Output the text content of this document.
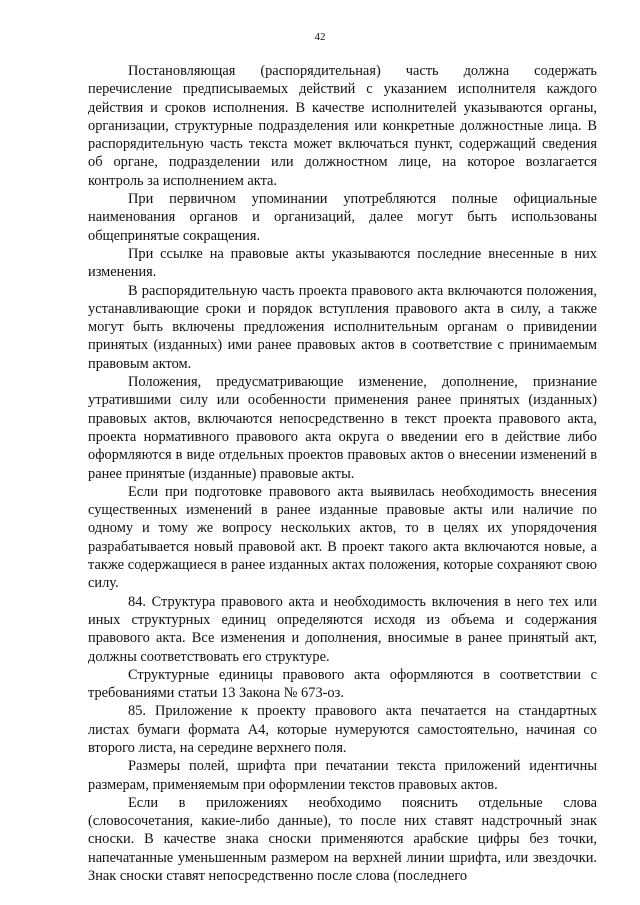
42

Постановляющая (распорядительная) часть должна содержать перечисление предписываемых действий с указанием исполнителя каждого действия и сроков исполнения. В качестве исполнителей указываются органы, организации, структурные подразделения или конкретные должностные лица. В распорядительную часть текста может включаться пункт, содержащий сведения об органе, подразделении или должностном лице, на которое возлагается контроль за исполнением акта.

При первичном упоминании употребляются полные официальные наименования органов и организаций, далее могут быть использованы общепринятые сокращения.

При ссылке на правовые акты указываются последние внесенные в них изменения.

В распорядительную часть проекта правового акта включаются положения, устанавливающие сроки и порядок вступления правового акта в силу, а также могут быть включены предложения исполнительным органам о привидении принятых (изданных) ими ранее правовых актов в соответствие с принимаемым правовым актом.

Положения, предусматривающие изменение, дополнение, признание утратившими силу или особенности применения ранее принятых (изданных) правовых актов, включаются непосредственно в текст проекта правового акта, проекта нормативного правового акта округа о введении его в действие либо оформляются в виде отдельных проектов правовых актов о внесении изменений в ранее принятые (изданные) правовые акты.

Если при подготовке правового акта выявилась необходимость внесения существенных изменений в ранее изданные правовые акты или наличие по одному и тому же вопросу нескольких актов, то в целях их упорядочения разрабатывается новый правовой акт. В проект такого акта включаются новые, а также содержащиеся в ранее изданных актах положения, которые сохраняют свою силу.

84. Структура правового акта и необходимость включения в него тех или иных структурных единиц определяются исходя из объема и содержания правового акта. Все изменения и дополнения, вносимые в ранее принятый акт, должны соответствовать его структуре.

Структурные единицы правового акта оформляются в соответствии с требованиями статьи 13 Закона № 673-оз.

85. Приложение к проекту правового акта печатается на стандартных листах бумаги формата А4, которые нумеруются самостоятельно, начиная со второго листа, на середине верхнего поля.

Размеры полей, шрифта при печатании текста приложений идентичны размерам, применяемым при оформлении текстов правовых актов.

Если в приложениях необходимо пояснить отдельные слова (словосочетания, какие-либо данные), то после них ставят надстрочный знак сноски. В качестве знака сноски применяются арабские цифры без точки, напечатанные уменьшенным размером на верхней линии шрифта, или звездочки. Знак сноски ставят непосредственно после слова (последнего
